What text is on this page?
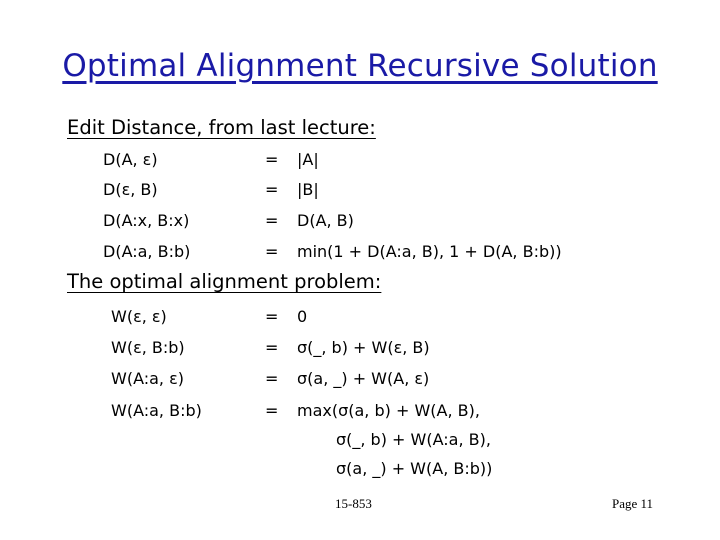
Optimal Alignment Recursive Solution
Edit Distance, from last lecture:
D(A, ε)	= |A|
D(ε, B)	= |B|
D(A:x, B:x)	= D(A, B)
D(A:a, B:b)	= min(1 + D(A:a, B), 1 + D(A, B:b))
The optimal alignment problem:
W(ε, ε)	= 0
W(ε, B:b)	= σ(_, b) + W(ε, B)
W(A:a, ε)	= σ(a, _) + W(A, ε)
W(A:a, B:b)	= max(σ(a, b) + W(A, B),
σ(_, b) + W(A:a, B),
σ(a, _) + W(A, B:b))
15-853	Page 11
